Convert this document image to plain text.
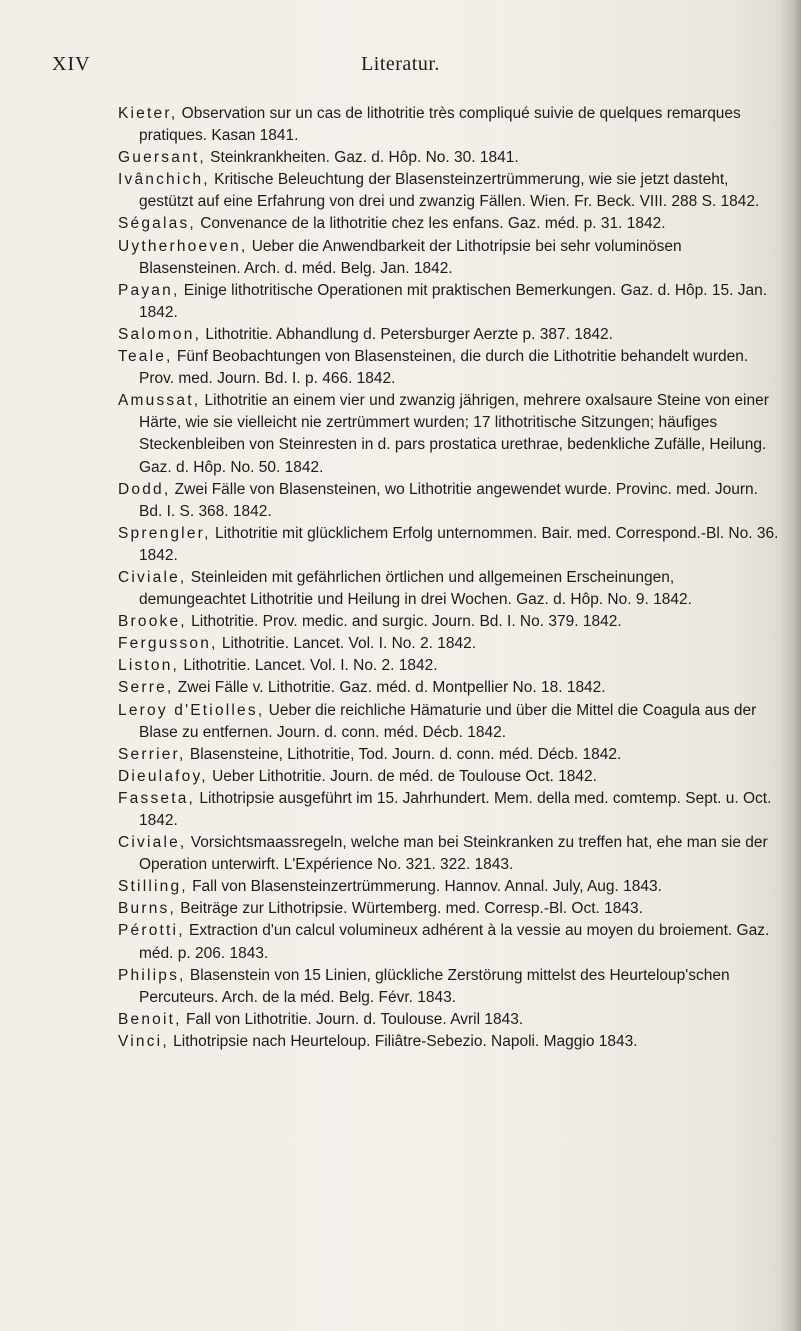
XIV	Literatur.

Kieter, Observation sur un cas de lithotritie très compliqué suivie de quelques remarques pratiques. Kasan 1841.

Guersant, Steinkrankheiten. Gaz. d. Hôp. No. 30. 1841.

Ivânchich, Kritische Beleuchtung der Blasensteinzertrümmerung, wie sie jetzt dasteht, gestützt auf eine Erfahrung von drei und zwanzig Fällen. Wien. Fr. Beck. VIII. 288 S. 1842.

Ségalas, Convenance de la lithotritie chez les enfans. Gaz. méd. p. 31. 1842.

Uytherhoeven, Ueber die Anwendbarkeit der Lithotripsie bei sehr voluminösen Blasensteinen. Arch. d. méd. Belg. Jan. 1842.

Payan, Einige lithotritische Operationen mit praktischen Bemerkungen. Gaz. d. Hôp. 15. Jan. 1842.

Salomon, Lithotritie. Abhandlung d. Petersburger Aerzte p. 387. 1842.

Teale, Fünf Beobachtungen von Blasensteinen, die durch die Lithotritie behandelt wurden. Prov. med. Journ. Bd. I. p. 466. 1842.

Amussat, Lithotritie an einem vier und zwanzig jährigen, mehrere oxalsaure Steine von einer Härte, wie sie vielleicht nie zertrümmert wurden; 17 lithotritische Sitzungen; häufiges Steckenbleiben von Steinresten in d. pars prostatica urethrae, bedenkliche Zufälle, Heilung. Gaz. d. Hôp. No. 50. 1842.

Dodd, Zwei Fälle von Blasensteinen, wo Lithotritie angewendet wurde. Provinc. med. Journ. Bd. I. S. 368. 1842.

Sprengler, Lithotritie mit glücklichem Erfolg unternommen. Bair. med. Correspond.-Bl. No. 36. 1842.

Civiale, Steinleiden mit gefährlichen örtlichen und allgemeinen Erscheinungen, demungeachtet Lithotritie und Heilung in drei Wochen. Gaz. d. Hôp. No. 9. 1842.

Brooke, Lithotritie. Prov. medic. and surgic. Journ. Bd. I. No. 379. 1842.

Fergusson, Lithotritie. Lancet. Vol. I. No. 2. 1842.

Liston, Lithotritie. Lancet. Vol. I. No. 2. 1842.

Serre, Zwei Fälle v. Lithotritie. Gaz. méd. d. Montpellier No. 18. 1842.

Leroy d'Etiolles, Ueber die reichliche Hämaturie und über die Mittel die Coagula aus der Blase zu entfernen. Journ. d. conn. méd. Décb. 1842.

Serrier, Blasensteine, Lithotritie, Tod. Journ. d. conn. méd. Décb. 1842.

Dieulafoy, Ueber Lithotritie. Journ. de méd. de Toulouse Oct. 1842.

Fasseta, Lithotripsie ausgeführt im 15. Jahrhundert. Mem. della med. comtemp. Sept. u. Oct. 1842.

Civiale, Vorsichtsmaassregeln, welche man bei Steinkranken zu treffen hat, ehe man sie der Operation unterwirft. L'Expérience No. 321. 322. 1843.

Stilling, Fall von Blasensteinzertrümmerung. Hannov. Annal. July, Aug. 1843.

Burns, Beiträge zur Lithotripsie. Würtemberg. med. Corresp.-Bl. Oct. 1843.

Pérotti, Extraction d'un calcul volumineux adhérent à la vessie au moyen du broiement. Gaz. méd. p. 206. 1843.

Philips, Blasenstein von 15 Linien, glückliche Zerstörung mittelst des Heurteloup'schen Percuteurs. Arch. de la méd. Belg. Févr. 1843.

Benoit, Fall von Lithotritie. Journ. d. Toulouse. Avril 1843.

Vinci, Lithotripsie nach Heurteloup. Filiâtre-Sebezio. Napoli. Maggio 1843.
